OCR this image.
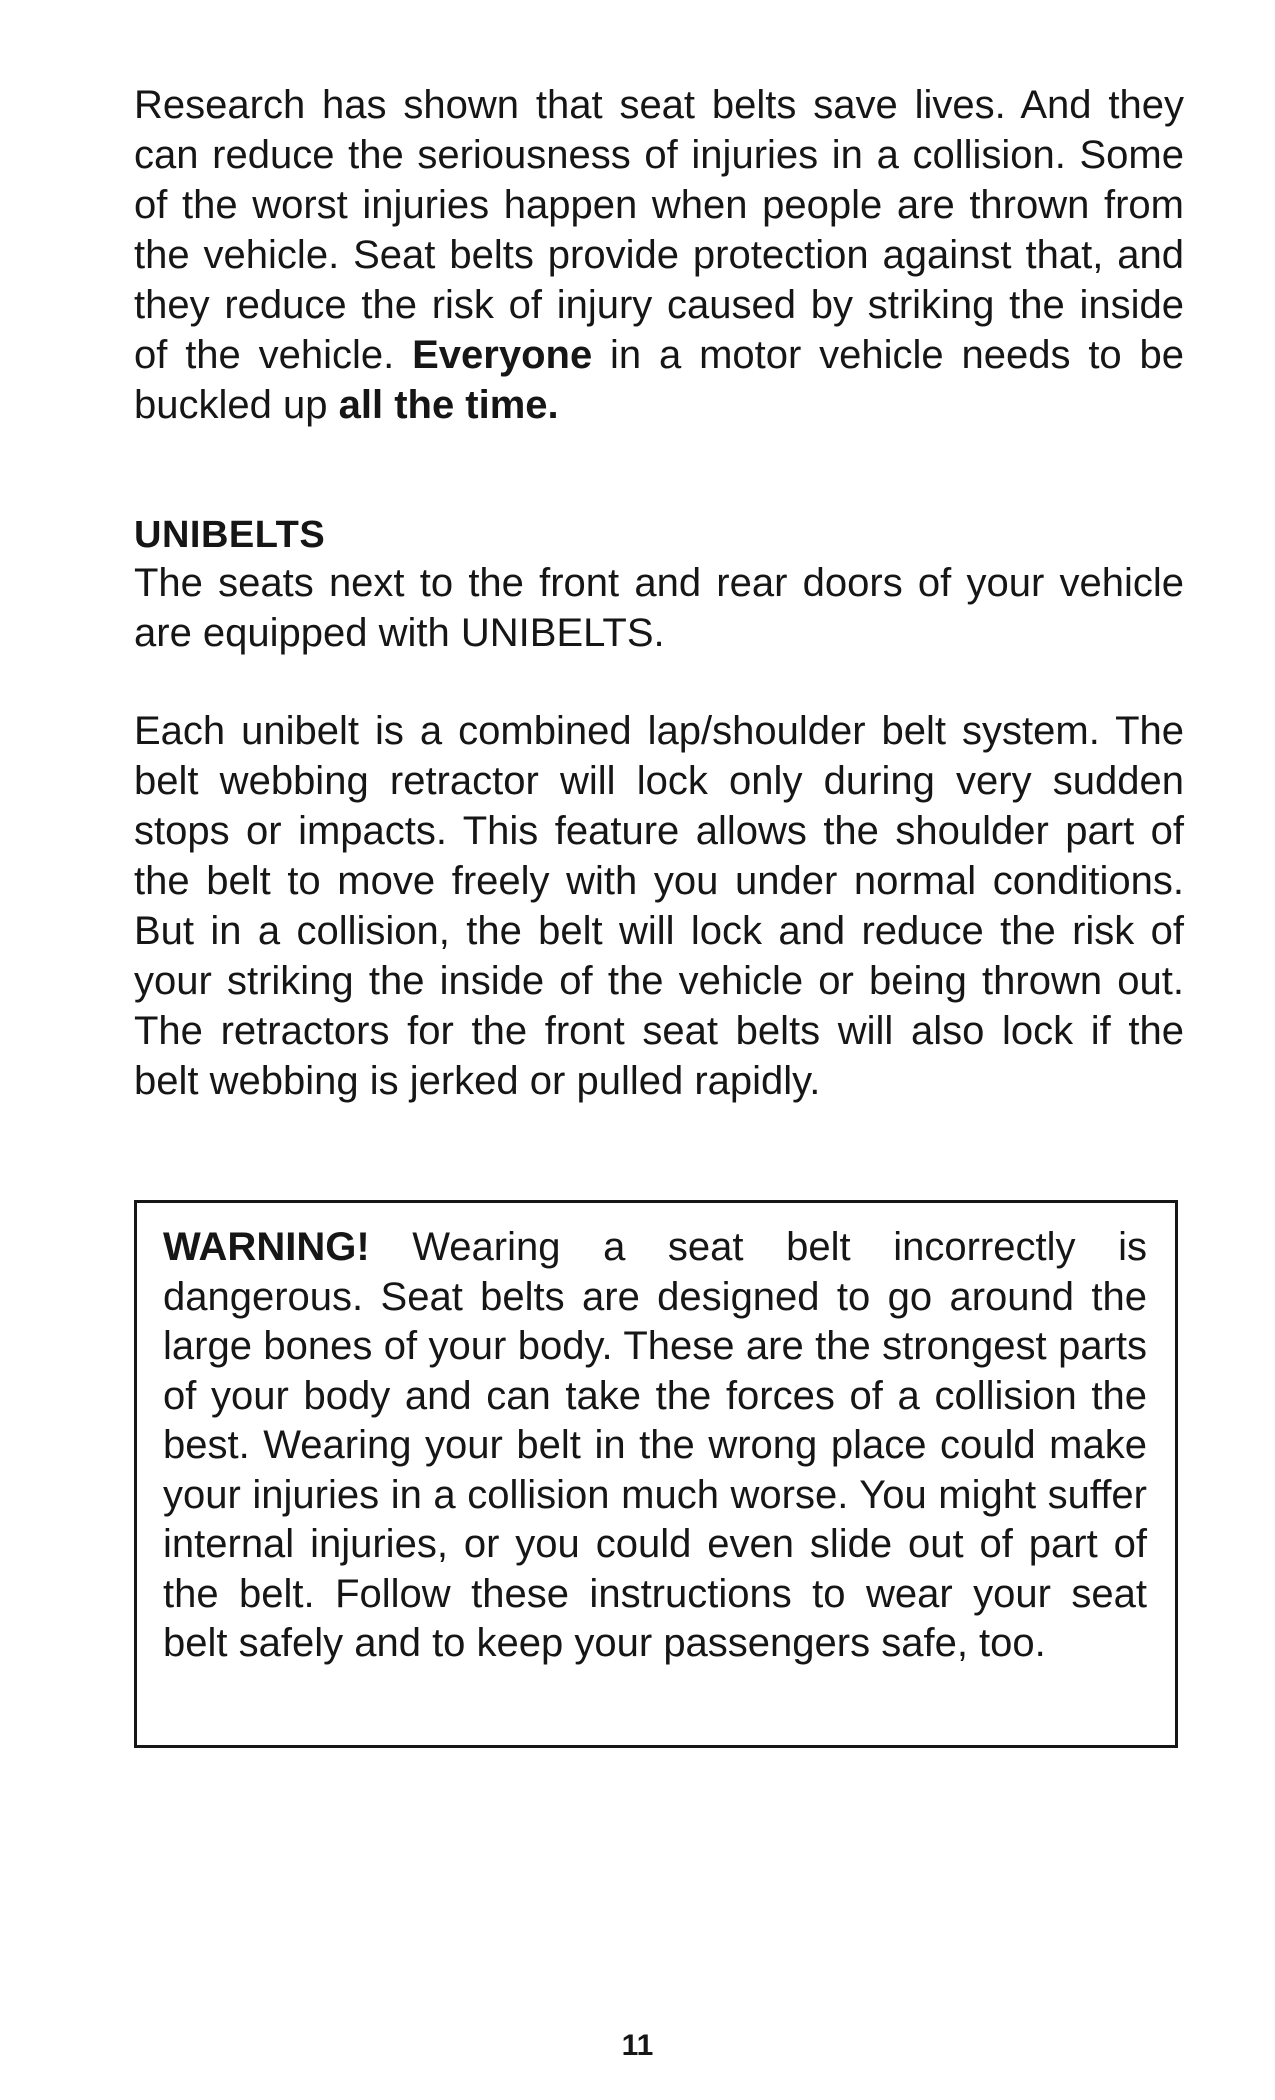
Research has shown that seat belts save lives. And they can reduce the seriousness of injuries in a collision. Some of the worst injuries happen when people are thrown from the vehicle. Seat belts provide protection against that, and they reduce the risk of injury caused by striking the inside of the vehicle. Everyone in a motor vehicle needs to be buckled up all the time.

UNIBELTS

The seats next to the front and rear doors of your vehicle are equipped with UNIBELTS.

Each unibelt is a combined lap/shoulder belt system. The belt webbing retractor will lock only during very sudden stops or impacts. This feature allows the shoulder part of the belt to move freely with you under normal conditions. But in a collision, the belt will lock and reduce the risk of your striking the inside of the vehicle or being thrown out. The retractors for the front seat belts will also lock if the belt webbing is jerked or pulled rapidly.

WARNING! Wearing a seat belt incorrectly is dangerous. Seat belts are designed to go around the large bones of your body. These are the strongest parts of your body and can take the forces of a collision the best. Wearing your belt in the wrong place could make your injuries in a collision much worse. You might suffer internal injuries, or you could even slide out of part of the belt. Follow these instructions to wear your seat belt safely and to keep your passengers safe, too.

11
